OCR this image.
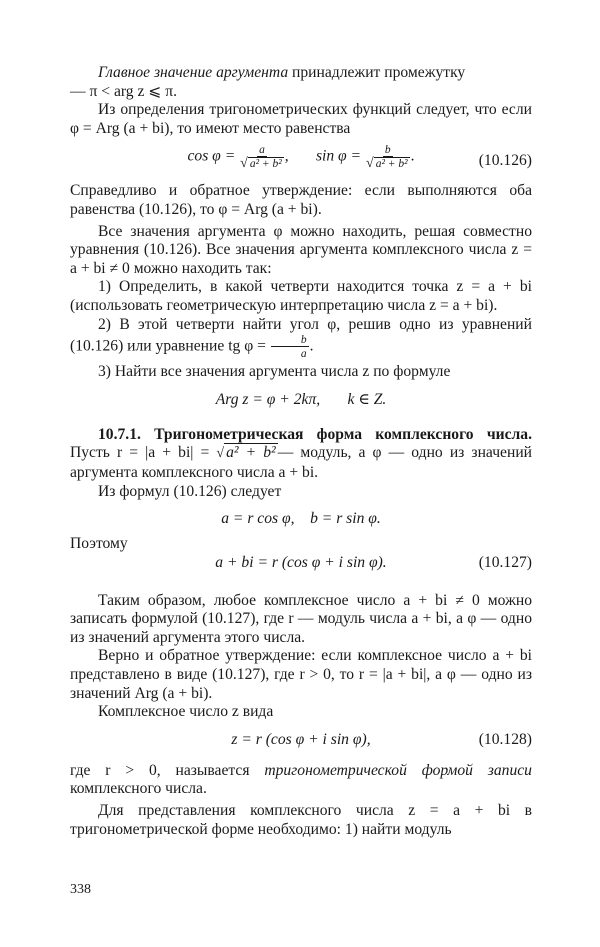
Главное значение аргумента принадлежит промежутку

— π < arg z ⩽ π.

Из определения тригонометрических функций следует, что если φ = Arg (a + bi), то имеют место равенства

$\cos \varphi = \frac{a}{\text{√ a² + b²}}$ , $\sin \varphi = \frac{b}{\text{√ a² + b²}}$ .	(10.126)

Справедливо и обратное утверждение: если выполняются оба равенства (10.126), то φ = Arg (a + bi).

Все значения аргумента φ можно находить, решая совместно уравнения (10.126). Все значения аргумента комплексного числа z = a + bi ≠ 0 можно находить так:

1) Определить, в какой четверти находится точка z = a + bi (использовать геометрическую интерпретацию числа z = a + bi).

2) В этой четверти найти угол φ, решив одно из уравнений (10.126) или уравнение tg $\varphi = \frac{b}{a}$ .

3) Найти все значения аргумента числа z по формуле

Arg z = φ + 2kπ, k ∈ Z.

10.7.1. Тригонометрическая форма комплексного числа. Пусть r = |a + bi| = √ a² + b² — модуль, а φ — одно из значений аргумента комплексного числа a + bi.

Из формул (10.126) следует

a = r cos φ,    b = r sin φ.

Поэтому

a + bi = r (cos φ + i sin φ).	(10.127)

Таким образом, любое комплексное число a + bi ≠ 0 можно записать формулой (10.127), где r — модуль числа a + bi, а φ — одно из значений аргумента этого числа.

Верно и обратное утверждение: если комплексное число a + bi представлено в виде (10.127), где r > 0, то r = |a + bi|, а φ — одно из значений Arg (a + bi).

Комплексное число z вида

z = r (cos φ + i sin φ),	(10.128)

где r > 0, называется тригонометрической формой записи комплексного числа.

Для представления комплексного числа z = a + bi в тригонометрической форме необходимо: 1) найти модуль

338
